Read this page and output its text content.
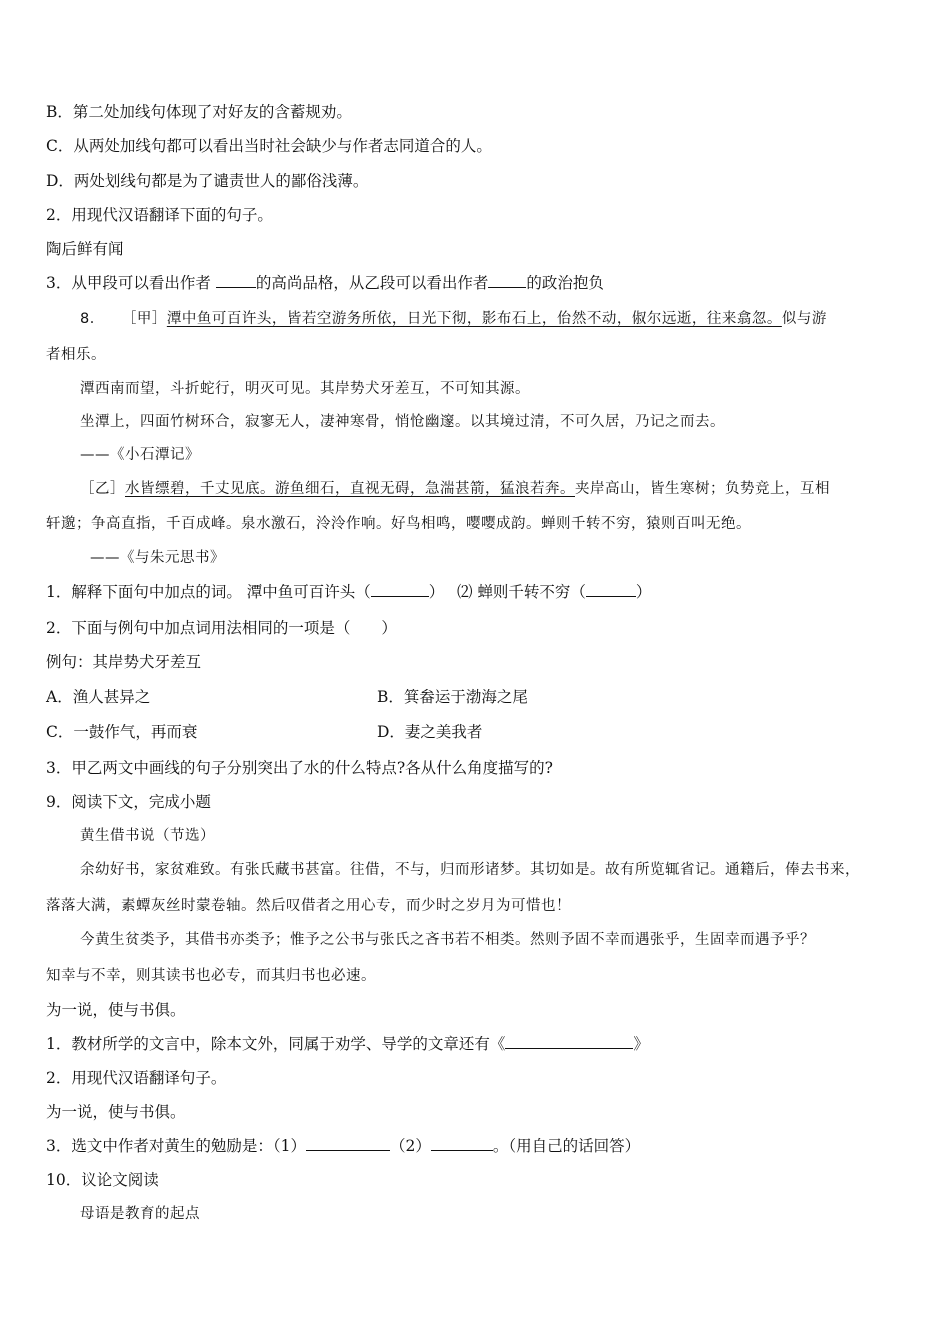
B．第二处加线句体现了对好友的含蓄规劝。
C．从两处加线句都可以看出当时社会缺少与作者志同道合的人。
D．两处划线句都是为了谴责世人的鄙俗浅薄。
2．用现代汉语翻译下面的句子。
陶后鲜有闻
3．从甲段可以看出作者	的高尚品格，从乙段可以看出作者 的政治抱负
8． ［甲］潭中鱼可百许头，皆若空游务所依，日光下彻，影布石上，佁然不动，俶尔远逝，往来翕忽。似与游
者相乐。
潭西南而望，斗折蛇行，明灭可见。其岸势犬牙差互，不可知其源。
坐潭上，四面竹树环合，寂寥无人，凄神寒骨，悄怆幽邃。以其境过清，不可久居，乃记之而去。
——《小石潭记》
［乙］水皆缥碧，千丈见底。游鱼细石，直视无碍，急湍甚箭，猛浪若奔。夹岸高山，皆生寒树；负势竞上，互相
轩邈；争高直指，千百成峰。泉水激石，泠泠作响。好鸟相鸣，嘤嘤成韵。蝉则千转不穷，猿则百叫无绝。
——《与朱元思书》
1．解释下面句中加点的词。 潭中鱼可百许头（	）　 ⑵ 蝉则千转不穷（	）
2．下面与例句中加点词用法相同的一项是（　　）
例句：其岸势犬牙差互
A．渔人甚异之	B．箕畚运于渤海之尾
C．一鼓作气，再而衰	D．妻之美我者
3．甲乙两文中画线的句子分别突出了水的什么特点?各从什么角度描写的?
9．阅读下文，完成小题
黄生借书说（节选）
余幼好书，家贫难致。有张氏藏书甚富。往借，不与，归而形诸梦。其切如是。故有所览辄省记。通籍后，俸去书来，
落落大满，素蟫灰丝时蒙卷轴。然后叹借者之用心专，而少时之岁月为可惜也！
今黄生贫类予，其借书亦类予；惟予之公书与张氏之吝书若不相类。然则予固不幸而遇张乎，生固幸而遇予乎？
知幸与不幸，则其读书也必专，而其归书也必速。
为一说，使与书俱。
1．教材所学的文言中，除本文外，同属于劝学、导学的文章还有《	》
2．用现代汉语翻译句子。
为一说，使与书俱。
3．选文中作者对黄生的勉励是：（1）	（2）	。（用自己的话回答）
10．议论文阅读
母语是教育的起点
